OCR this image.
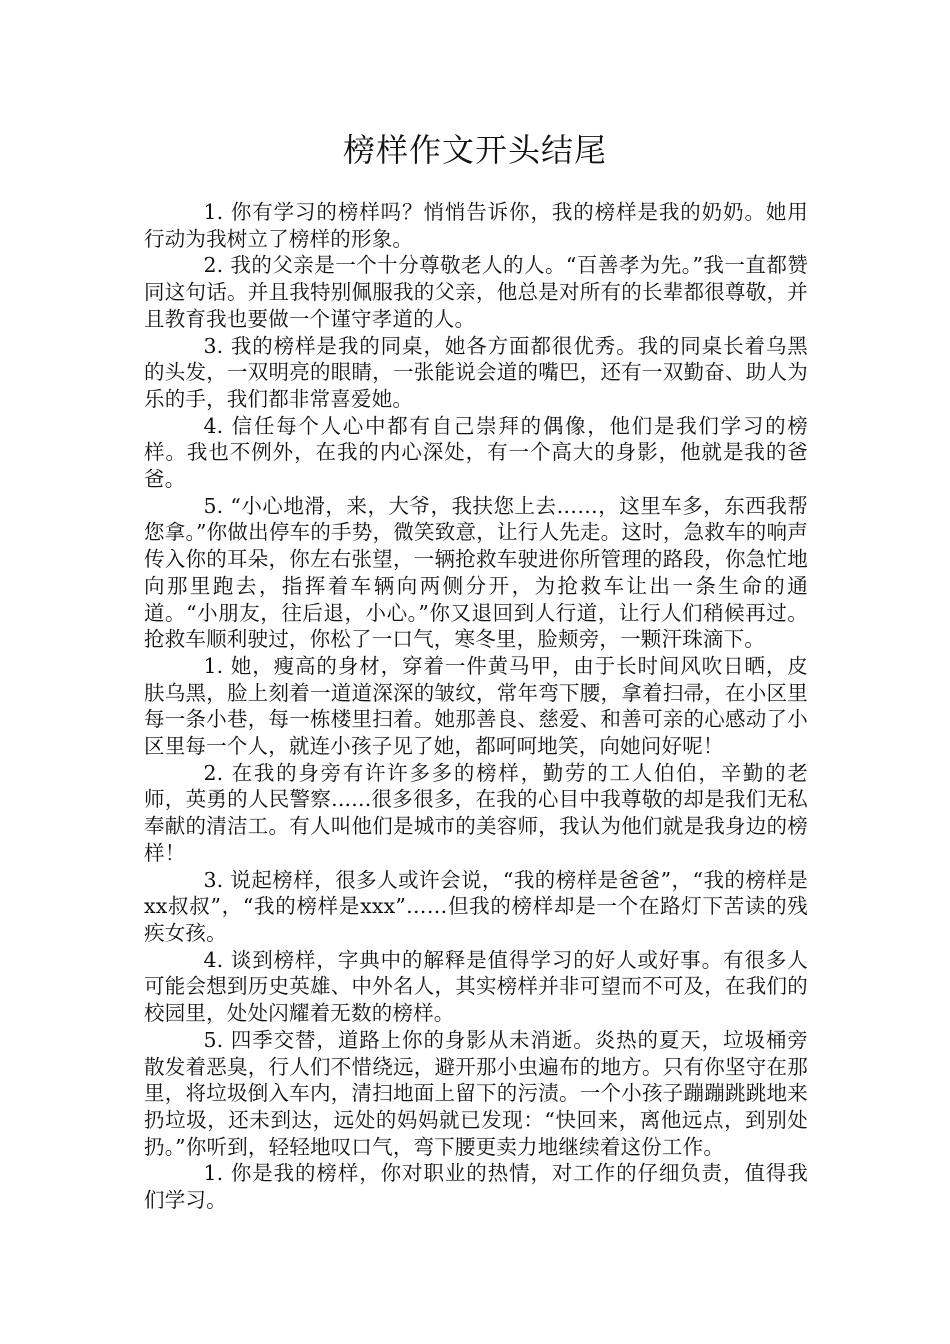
榜样作文开头结尾

1. 你有学习的榜样吗？悄悄告诉你，我的榜样是我的奶奶。她用行动为我树立了榜样的形象。

2. 我的父亲是一个十分尊敬老人的人。“百善孝为先。”我一直都赞同这句话。并且我特别佩服我的父亲，他总是对所有的长辈都很尊敬，并且教育我也要做一个谨守孝道的人。

3. 我的榜样是我的同桌，她各方面都很优秀。我的同桌长着乌黑的头发，一双明亮的眼睛，一张能说会道的嘴巴，还有一双勤奋、助人为乐的手，我们都非常喜爱她。

4. 信任每个人心中都有自己崇拜的偶像，他们是我们学习的榜样。我也不例外，在我的内心深处，有一个高大的身影，他就是我的爸爸。

5. “小心地滑，来，大爷，我扶您上去……，这里车多，东西我帮您拿。”你做出停车的手势，微笑致意，让行人先走。这时，急救车的响声传入你的耳朵，你左右张望，一辆抢救车驶进你所管理的路段，你急忙地向那里跑去，指挥着车辆向两侧分开，为抢救车让出一条生命的通道。“小朋友，往后退，小心。”你又退回到人行道，让行人们稍候再过。抢救车顺利驶过，你松了一口气，寒冬里，脸颊旁，一颗汗珠滴下。

1. 她，瘦高的身材，穿着一件黄马甲，由于长时间风吹日晒，皮肤乌黑，脸上刻着一道道深深的皱纹，常年弯下腰，拿着扫帚，在小区里每一条小巷，每一栋楼里扫着。她那善良、慈爱、和善可亲的心感动了小区里每一个人，就连小孩子见了她，都呵呵地笑，向她问好呢！

2. 在我的身旁有许许多多的榜样，勤劳的工人伯伯，辛勤的老师，英勇的人民警察......很多很多，在我的心目中我尊敬的却是我们无私奉献的清洁工。有人叫他们是城市的美容师，我认为他们就是我身边的榜样！

3. 说起榜样，很多人或许会说，“我的榜样是爸爸”，“我的榜样是xx叔叔”，“我的榜样是xxx”……但我的榜样却是一个在路灯下苦读的残疾女孩。

4. 谈到榜样，字典中的解释是值得学习的好人或好事。有很多人可能会想到历史英雄、中外名人，其实榜样并非可望而不可及，在我们的校园里，处处闪耀着无数的榜样。

5. 四季交替，道路上你的身影从未消逝。炎热的夏天，垃圾桶旁散发着恶臭，行人们不惜绕远，避开那小虫遍布的地方。只有你坚守在那里，将垃圾倒入车内，清扫地面上留下的污渍。一个小孩子蹦蹦跳跳地来扔垃圾，还未到达，远处的妈妈就已发现：“快回来，离他远点，到别处扔。”你听到，轻轻地叹口气，弯下腰更卖力地继续着这份工作。

1. 你是我的榜样，你对职业的热情，对工作的仔细负责，值得我们学习。
